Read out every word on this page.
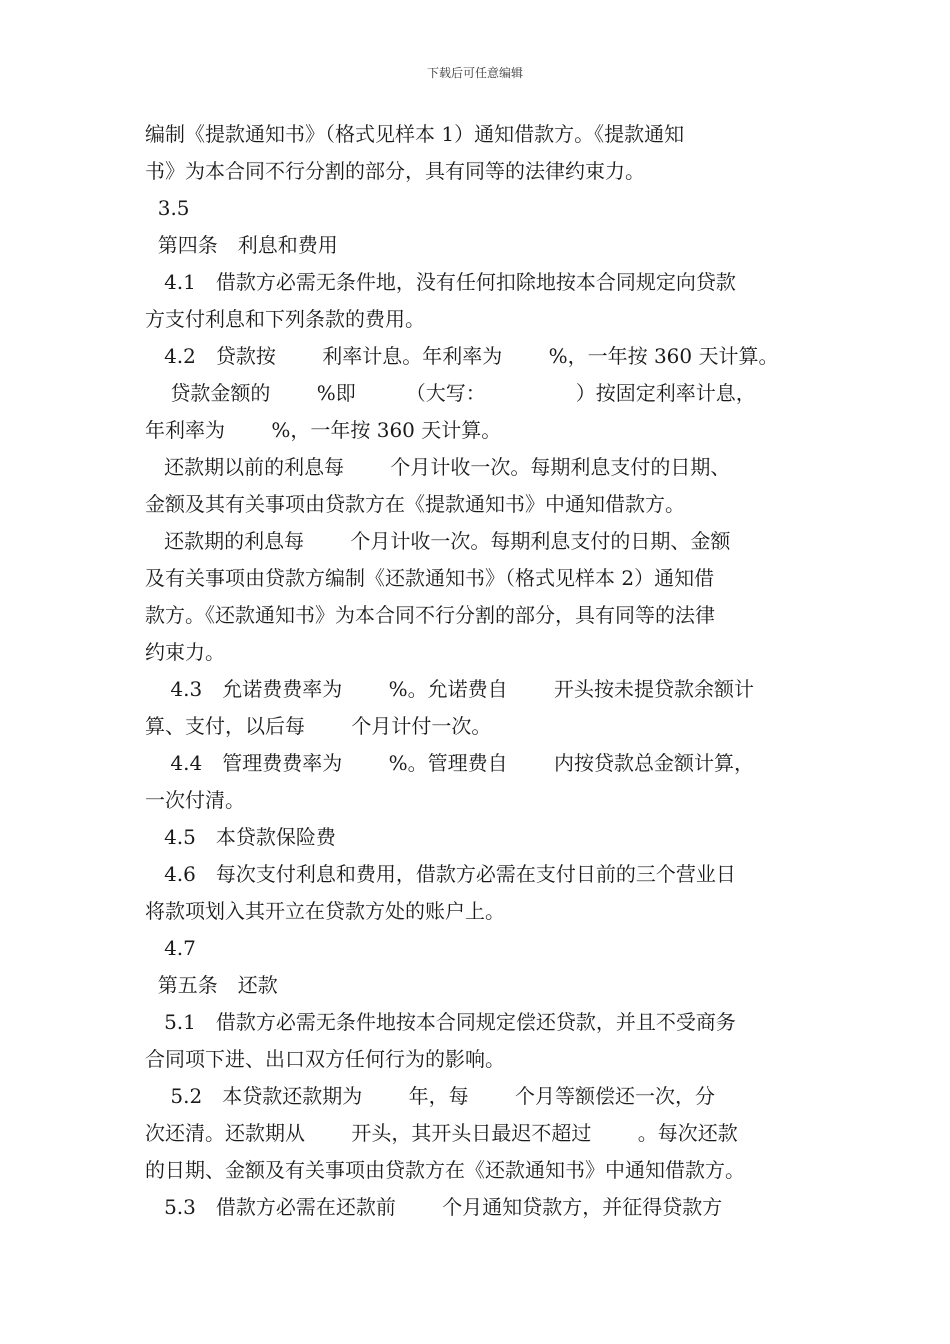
下载后可任意编辑
编制《提款通知书》（格式见样本 1）通知借款方。《提款通知
书》为本合同不行分割的部分，具有同等的法律约束力。
3.5
第四条　利息和费用
4.1　借款方必需无条件地，没有任何扣除地按本合同规定向贷款
方支付利息和下列条款的费用。
4.2　贷款按　　 利率计息。年利率为　　 %，一年按 360 天计算。
贷款金额的　　 %即　　　（大写：　　　　　）按固定利率计息，
年利率为　　 %，一年按 360 天计算。
还款期以前的利息每　　 个月计收一次。每期利息支付的日期、
金额及其有关事项由贷款方在《提款通知书》中通知借款方。
还款期的利息每　　 个月计收一次。每期利息支付的日期、金额
及有关事项由贷款方编制《还款通知书》（格式见样本 2）通知借
款方。《还款通知书》为本合同不行分割的部分，具有同等的法律
约束力。
4.3　允诺费费率为　　 %。允诺费自　　 开头按未提贷款余额计
算、支付，以后每　　 个月计付一次。
4.4　管理费费率为　　 %。管理费自　　 内按贷款总金额计算，
一次付清。
4.5　本贷款保险费
4.6　每次支付利息和费用，借款方必需在支付日前的三个营业日
将款项划入其开立在贷款方处的账户上。
4.7
第五条　还款
5.1　借款方必需无条件地按本合同规定偿还贷款，并且不受商务
合同项下进、出口双方任何行为的影响。
5.2　本贷款还款期为　　 年，每　　 个月等额偿还一次，分
次还清。还款期从　　 开头，其开头日最迟不超过　　 。每次还款
的日期、金额及有关事项由贷款方在《还款通知书》中通知借款方。
5.3　借款方必需在还款前　　 个月通知贷款方，并征得贷款方
